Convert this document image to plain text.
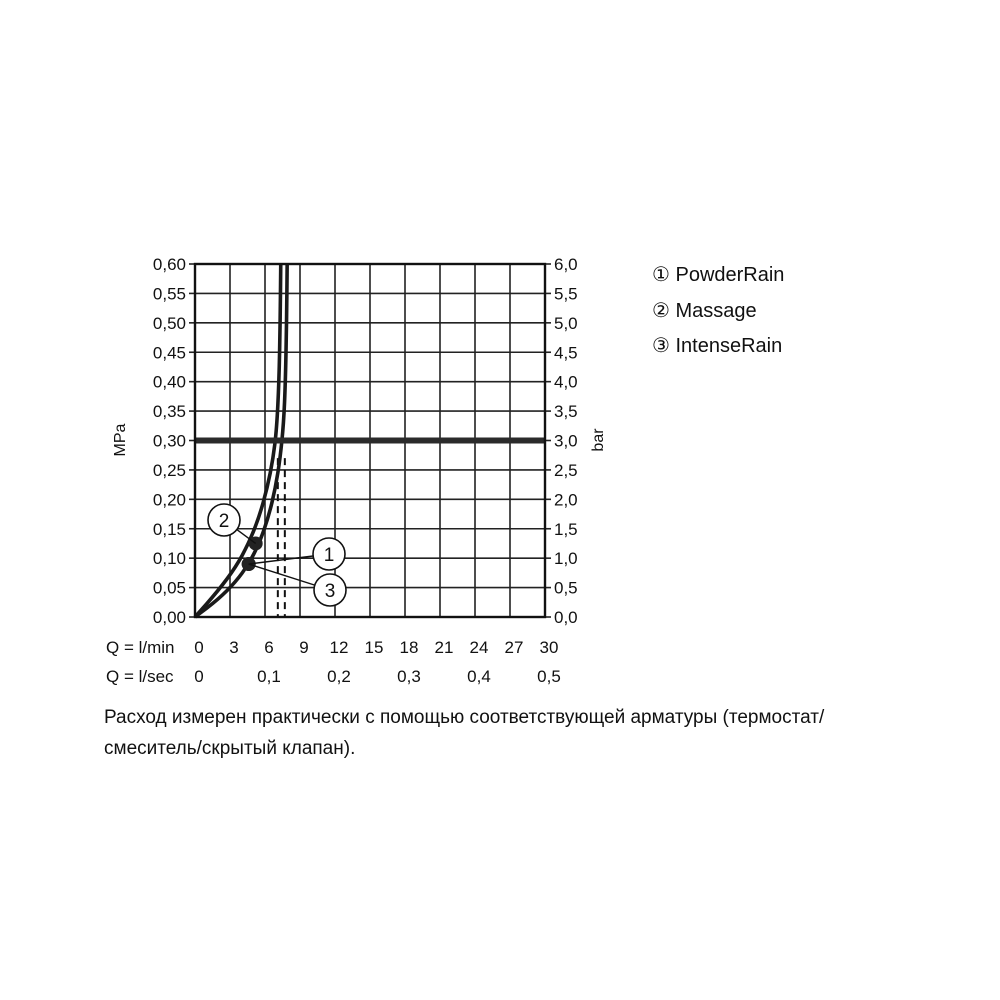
0,00
0,05
0,10
0,15
0,20
0,25
0,30
0,35
0,40
0,45
0,50
0,55
0,60
0,0
0,5
1,0
1,5
2,0
2,5
3,0
3,5
4,0
4,5
5,0
5,5
6,0
0 3 6 9 12 15 18 21 24 27 30
0	0,1	0,2	0,3	0,4	0,5
1
2
3
MPa	bar
Q = l/min
Q = l/sec
① PowderRain
② Massage
③ IntenseRain
Расход измерен практически с помощью соответствующей арматуры (термостат/
смеситель/скрытый клапан).
